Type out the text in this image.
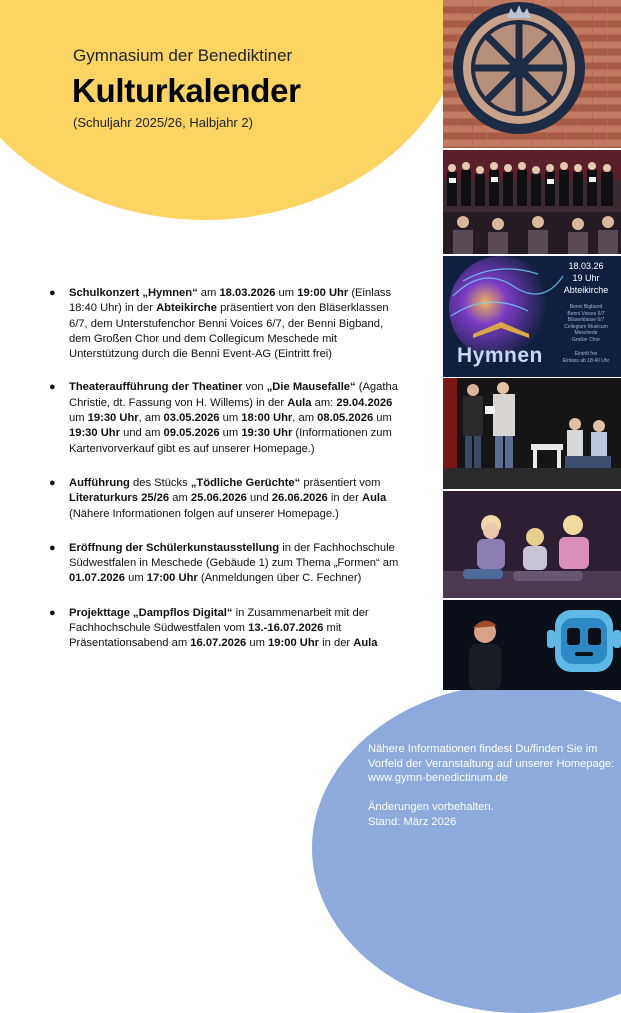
Gymnasium der Benediktiner
Kulturkalender
(Schuljahr 2025/26, Halbjahr 2)
18.03.26
19 Uhr
Abteikirche
Benni Bigband
Benni Voices 6/7
Bläserklasse 6/7
Collegium Musicum Meschede
Großer Chor
Eintritt frei
Einlass ab 18:40 Uhr
Hymnen
● Schulkonzert „Hymnen“ am 18.03.2026 um 19:00 Uhr (Einlass 18:40 Uhr) in der Abteikirche präsentiert von den Bläserklassen 6/7, dem Unterstufenchor Benni Voices 6/7, der Benni Bigband, dem Großen Chor und dem Collegicum Meschede mit Unterstützung durch die Benni Event-AG (Eintritt frei)
● Theateraufführung der Theatiner von „Die Mausefalle“ (Agatha Christie, dt. Fassung von H. Willems) in der Aula am: 29.04.2026 um 19:30 Uhr, am 03.05.2026 um 18:00 Uhr, am 08.05.2026 um 19:30 Uhr und am 09.05.2026 um 19:30 Uhr (Informationen zum Kartenvorverkauf gibt es auf unserer Homepage.)
● Aufführung des Stücks „Tödliche Gerüchte“ präsentiert vom Literaturkurs 25/26 am 25.06.2026 und 26.06.2026 in der Aula (Nähere Informationen folgen auf unserer Homepage.)
● Eröffnung der Schülerkunstausstellung in der Fachhochschule Südwestfalen in Meschede (Gebäude 1) zum Thema „Formen“ am 01.07.2026 um 17:00 Uhr (Anmeldungen über C. Fechner)
● Projekttage „Dampflos Digital“ in Zusammenarbeit mit der Fachhochschule Südwestfalen vom 13.-16.07.2026 mit Präsentationsabend am 16.07.2026 um 19:00 Uhr in der Aula

Nähere Informationen findest Du/finden Sie im Vorfeld der Veranstaltung auf unserer Homepage:

www.gymn-benedictinum.de

Änderungen vorbehalten.

Stand: März 2026
